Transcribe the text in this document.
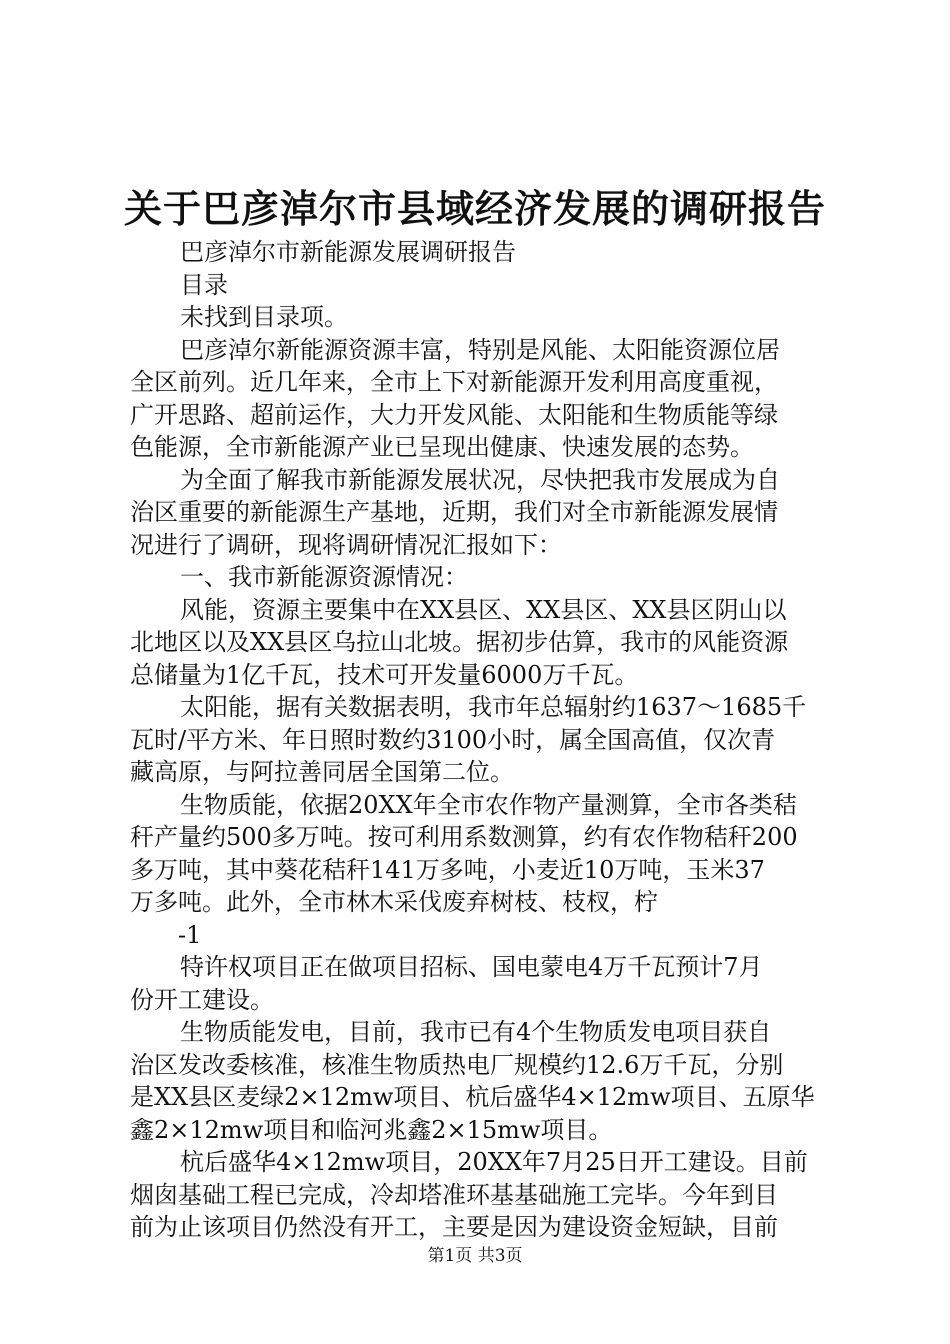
关于巴彦淖尔市县域经济发展的调研报告
巴彦淖尔市新能源发展调研报告
目录
未找到目录项。
巴彦淖尔新能源资源丰富，特别是风能、太阳能资源位居
全区前列。近几年来，全市上下对新能源开发利用高度重视，
广开思路、超前运作，大力开发风能、太阳能和生物质能等绿
色能源，全市新能源产业已呈现出健康、快速发展的态势。
为全面了解我市新能源发展状况，尽快把我市发展成为自
治区重要的新能源生产基地，近期，我们对全市新能源发展情
况进行了调研，现将调研情况汇报如下：
一、我市新能源资源情况：
风能，资源主要集中在XX县区、XX县区、XX县区阴山以
北地区以及XX县区乌拉山北坡。据初步估算，我市的风能资源
总储量为1亿千瓦，技术可开发量6000万千瓦。
太阳能，据有关数据表明，我市年总辐射约1637～1685千
瓦时/平方米、年日照时数约3100小时，属全国高值，仅次青
藏高原，与阿拉善同居全国第二位。
生物质能，依据20XX年全市农作物产量测算，全市各类秸
秆产量约500多万吨。按可利用系数测算，约有农作物秸秆200
多万吨，其中葵花秸秆141万多吨，小麦近10万吨，玉米37
万多吨。此外，全市林木采伐废弃树枝、枝杈，柠
-1
特许权项目正在做项目招标、国电蒙电4万千瓦预计7月
份开工建设。
生物质能发电，目前，我市已有4个生物质发电项目获自
治区发改委核准，核准生物质热电厂规模约12.6万千瓦，分别
是XX县区麦绿2×12mw项目、杭后盛华4×12mw项目、五原华
鑫2×12mw项目和临河兆鑫2×15mw项目。
杭后盛华4×12mw项目，20XX年7月25日开工建设。目前
烟囱基础工程已完成，冷却塔准环基基础施工完毕。今年到目
前为止该项目仍然没有开工，主要是因为建设资金短缺，目前
第1页 共3页
